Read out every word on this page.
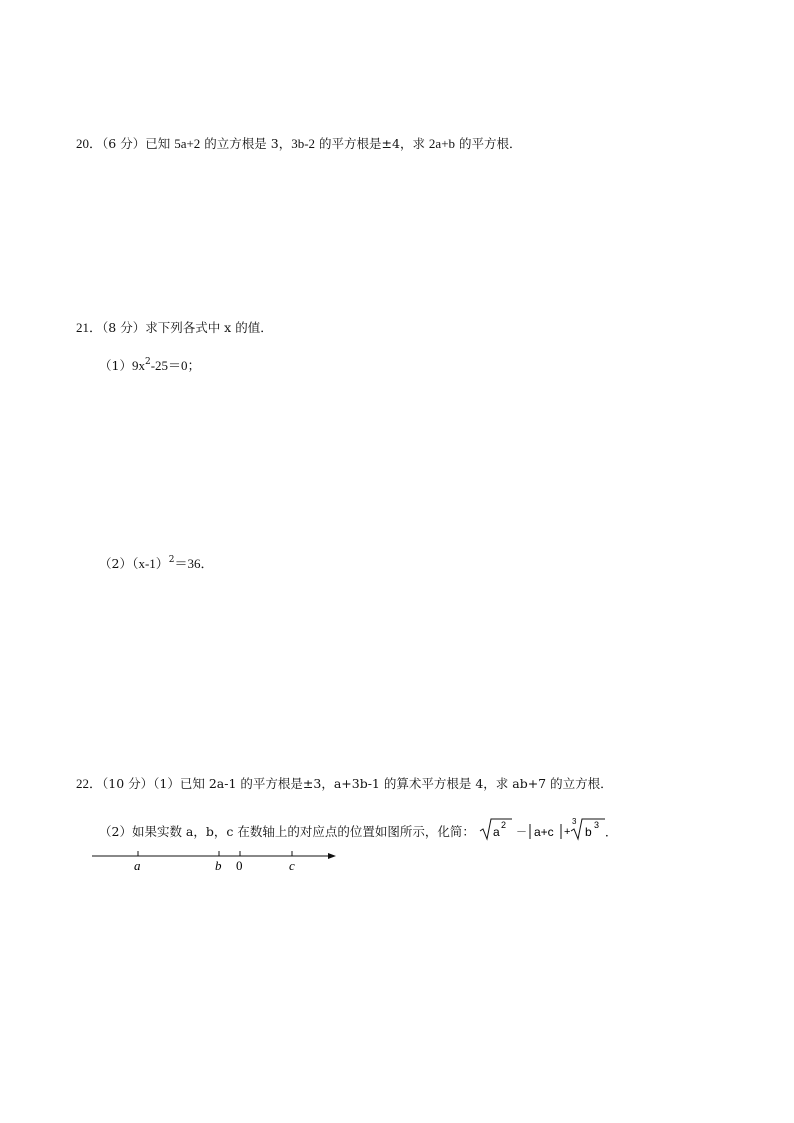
20．（6 分）已知 5a+2 的立方根是 3，3b-2 的平方根是±4，求 2a+b 的平方根．
21．（8 分）求下列各式中 x 的值．
$(1)9x^2-25=0$；
$(2)(x-1)^2=36$．
22．（10 分）（1）已知 2a-1 的平方根是±3，a+3b-1 的算术平方根是 4，求 ab+7 的立方根．
（2）如果实数 a，b，c 在数轴上的对应点的位置如图所示，化简： a 2
－ a+c +
3
b 3 ．
a	b 0	c
